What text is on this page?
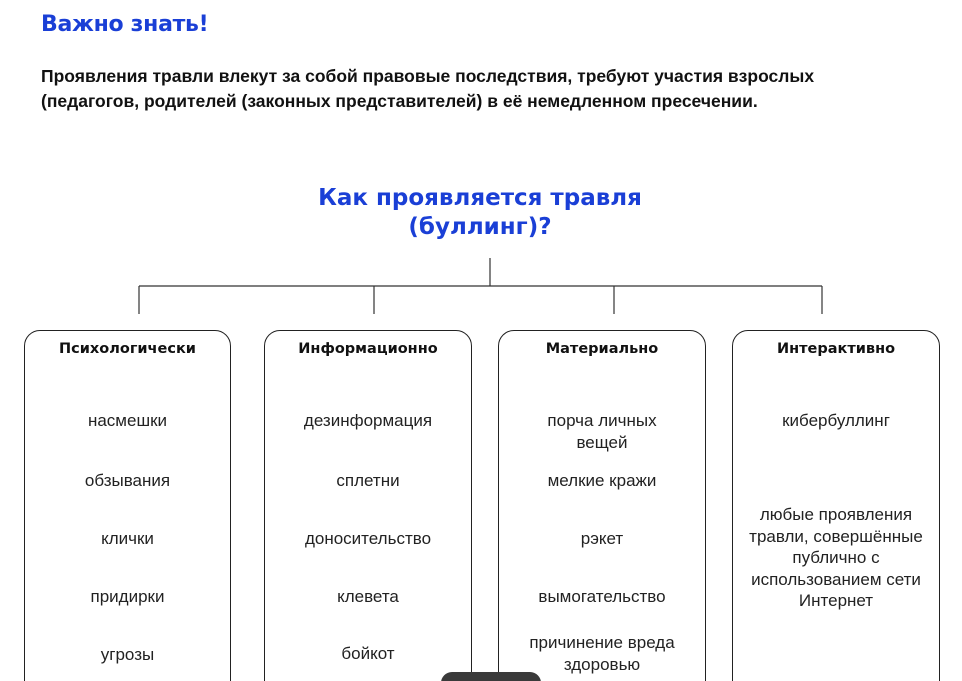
Важно знать!

Проявления травли влекут за собой правовые последствия, требуют участия взрослых (педагогов, родителей (законных представителей) в её немедленном пресечении.

Как проявляется травля
(буллинг)?
Психологически
насмешки
обзывания
клички
придирки
угрозы
Информационно
дезинформация
сплетни
доносительство
клевета
бойкот
Материально
порча личных вещей
мелкие кражи
рэкет
вымогательство
причинение вреда здоровью
Интерактивно
кибербуллинг
любые проявления травли, совершённые публично с использованием сети Интернет
